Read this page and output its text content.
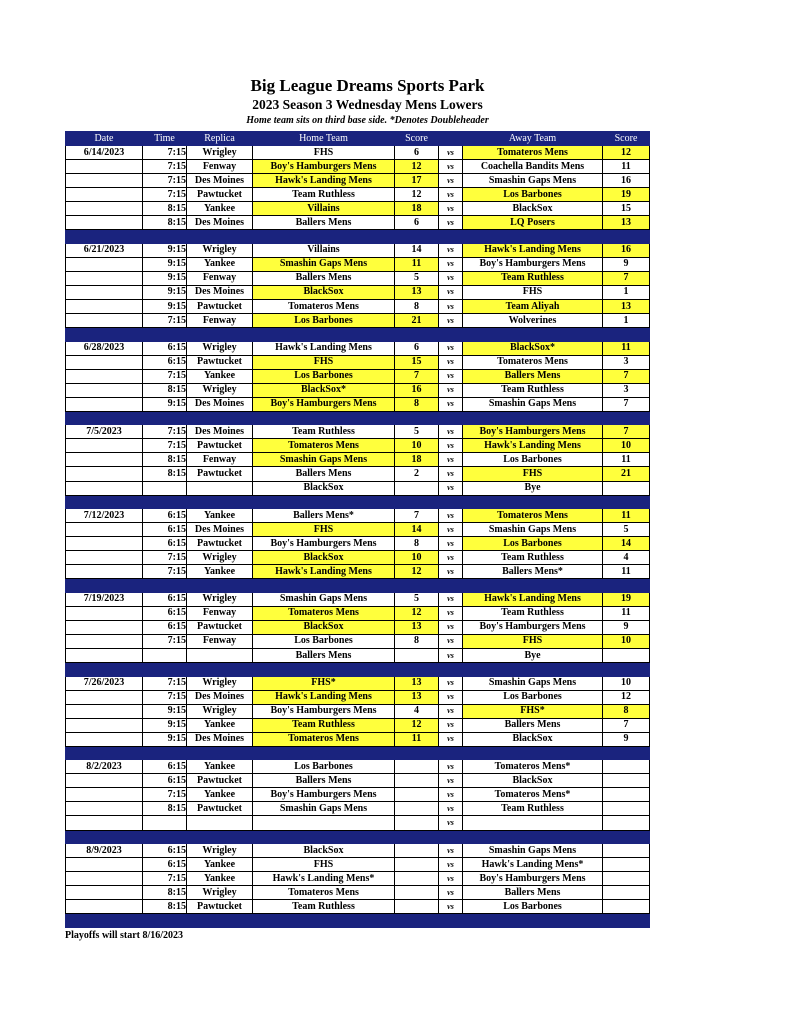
Big League Dreams Sports Park
2023 Season 3 Wednesday Mens Lowers
Home team sits on third base side. *Denotes Doubleheader
Date	Time	Replica	Home Team	Score		Away Team	Score
6/14/2023	7:15	Wrigley	FHS	6	vs	Tomateros Mens	12
	7:15	Fenway	Boy's Hamburgers Mens	12	vs	Coachella Bandits Mens	11
	7:15	Des Moines	Hawk's Landing Mens	17	vs	Smashin Gaps Mens	16
	7:15	Pawtucket	Team Ruthless	12	vs	Los Barbones	19
	8:15	Yankee	Villains	18	vs	BlackSox	15
	8:15	Des Moines	Ballers Mens	6	vs	LQ Posers	13

6/21/2023	9:15	Wrigley	Villains	14	vs	Hawk's Landing Mens	16
	9:15	Yankee	Smashin Gaps Mens	11	vs	Boy's Hamburgers Mens	9
	9:15	Fenway	Ballers Mens	5	vs	Team Ruthless	7
	9:15	Des Moines	BlackSox	13	vs	FHS	1
	9:15	Pawtucket	Tomateros Mens	8	vs	Team Aliyah	13
	7:15	Fenway	Los Barbones	21	vs	Wolverines	1

6/28/2023	6:15	Wrigley	Hawk's Landing Mens	6	vs	BlackSox*	11
	6:15	Pawtucket	FHS	15	vs	Tomateros Mens	3
	7:15	Yankee	Los Barbones	7	vs	Ballers Mens	7
	8:15	Wrigley	BlackSox*	16	vs	Team Ruthless	3
	9:15	Des Moines	Boy's Hamburgers Mens	8	vs	Smashin Gaps Mens	7

7/5/2023	7:15	Des Moines	Team Ruthless	5	vs	Boy's Hamburgers Mens	7
	7:15	Pawtucket	Tomateros Mens	10	vs	Hawk's Landing Mens	10
	8:15	Fenway	Smashin Gaps Mens	18	vs	Los Barbones	11
	8:15	Pawtucket	Ballers Mens	2	vs	FHS	21
			BlackSox		vs	Bye	

7/12/2023	6:15	Yankee	Ballers Mens*	7	vs	Tomateros Mens	11
	6:15	Des Moines	FHS	14	vs	Smashin Gaps Mens	5
	6:15	Pawtucket	Boy's Hamburgers Mens	8	vs	Los Barbones	14
	7:15	Wrigley	BlackSox	10	vs	Team Ruthless	4
	7:15	Yankee	Hawk's Landing Mens	12	vs	Ballers Mens*	11

7/19/2023	6:15	Wrigley	Smashin Gaps Mens	5	vs	Hawk's Landing Mens	19
	6:15	Fenway	Tomateros Mens	12	vs	Team Ruthless	11
	6:15	Pawtucket	BlackSox	13	vs	Boy's Hamburgers Mens	9
	7:15	Fenway	Los Barbones	8	vs	FHS	10
			Ballers Mens		vs	Bye	

7/26/2023	7:15	Wrigley	FHS*	13	vs	Smashin Gaps Mens	10
	7:15	Des Moines	Hawk's Landing Mens	13	vs	Los Barbones	12
	9:15	Wrigley	Boy's Hamburgers Mens	4	vs	FHS*	8
	9:15	Yankee	Team Ruthless	12	vs	Ballers Mens	7
	9:15	Des Moines	Tomateros Mens	11	vs	BlackSox	9

8/2/2023	6:15	Yankee	Los Barbones		vs	Tomateros Mens*	
	6:15	Pawtucket	Ballers Mens		vs	BlackSox	
	7:15	Yankee	Boy's Hamburgers Mens		vs	Tomateros Mens*	
	8:15	Pawtucket	Smashin Gaps Mens		vs	Team Ruthless	
					vs		

8/9/2023	6:15	Wrigley	BlackSox		vs	Smashin Gaps Mens	
	6:15	Yankee	FHS		vs	Hawk's Landing Mens*	
	7:15	Yankee	Hawk's Landing Mens*		vs	Boy's Hamburgers Mens	
	8:15	Wrigley	Tomateros Mens		vs	Ballers Mens	
	8:15	Pawtucket	Team Ruthless		vs	Los Barbones	

Playoffs will start 8/16/2023
